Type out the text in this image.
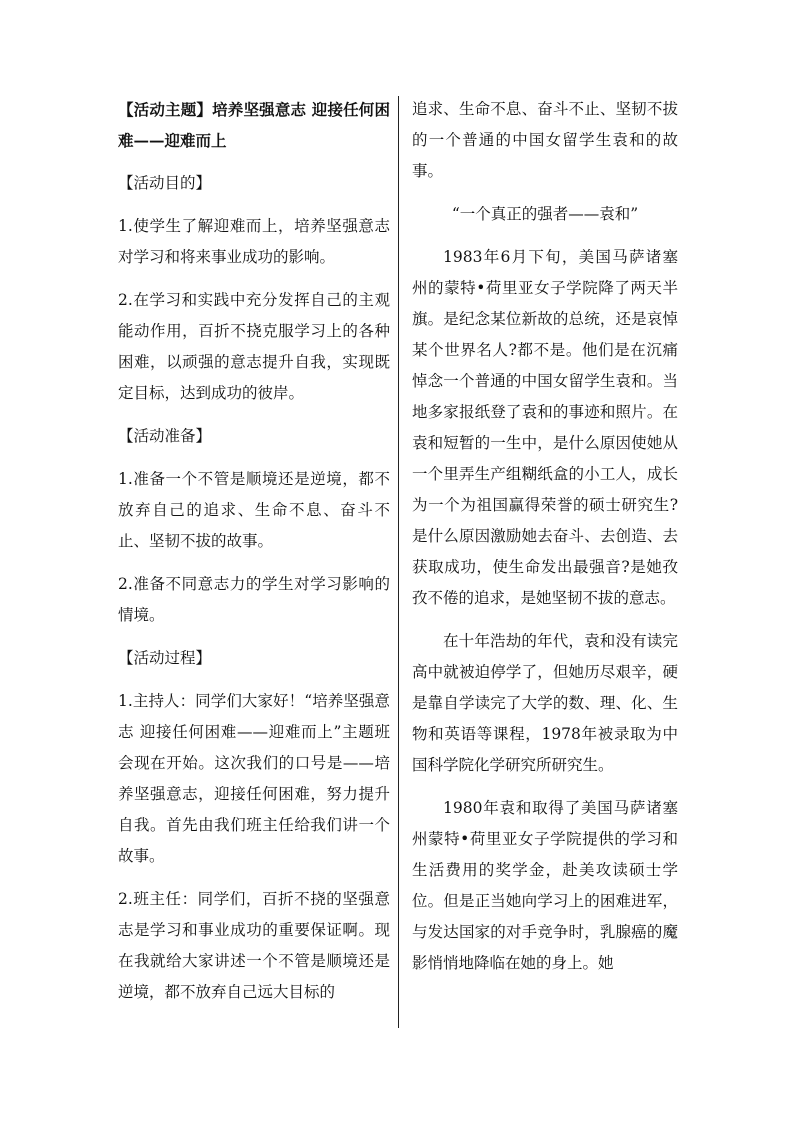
【活动主题】培养坚强意志 迎接任何困难——迎难而上

【活动目的】

1.使学生了解迎难而上，培养坚强意志对学习和将来事业成功的影响。

2.在学习和实践中充分发挥自己的主观能动作用，百折不挠克服学习上的各种困难，以顽强的意志提升自我，实现既定目标，达到成功的彼岸。

【活动准备】

1.准备一个不管是顺境还是逆境，都不放弃自己的追求、生命不息、奋斗不止、坚韧不拔的故事。

2.准备不同意志力的学生对学习影响的情境。

【活动过程】

1.主持人：同学们大家好！“培养坚强意志 迎接任何困难——迎难而上”主题班会现在开始。这次我们的口号是——培养坚强意志，迎接任何困难，努力提升自我。首先由我们班主任给我们讲一个故事。

2.班主任：同学们，百折不挠的坚强意志是学习和事业成功的重要保证啊。现在我就给大家讲述一个不管是顺境还是逆境，都不放弃自己远大目标的

追求、生命不息、奋斗不止、坚韧不拔的一个普通的中国女留学生袁和的故事。

“一个真正的强者——袁和”

1983年6月下旬，美国马萨诸塞州的蒙特•荷里亚女子学院降了两天半旗。是纪念某位新故的总统，还是哀悼某个世界名人?都不是。他们是在沉痛悼念一个普通的中国女留学生袁和。当地多家报纸登了袁和的事迹和照片。在袁和短暂的一生中，是什么原因使她从一个里弄生产组糊纸盒的小工人，成长为一个为祖国赢得荣誉的硕士研究生?是什么原因激励她去奋斗、去创造、去获取成功，使生命发出最强音?是她孜孜不倦的追求，是她坚韧不拔的意志。

在十年浩劫的年代，袁和没有读完高中就被迫停学了，但她历尽艰辛，硬是靠自学读完了大学的数、理、化、生物和英语等课程，1978年被录取为中国科学院化学研究所研究生。

1980年袁和取得了美国马萨诸塞州蒙特•荷里亚女子学院提供的学习和生活费用的奖学金，赴美攻读硕士学位。但是正当她向学习上的困难进军，与发达国家的对手竞争时，乳腺癌的魔影悄悄地降临在她的身上。她
